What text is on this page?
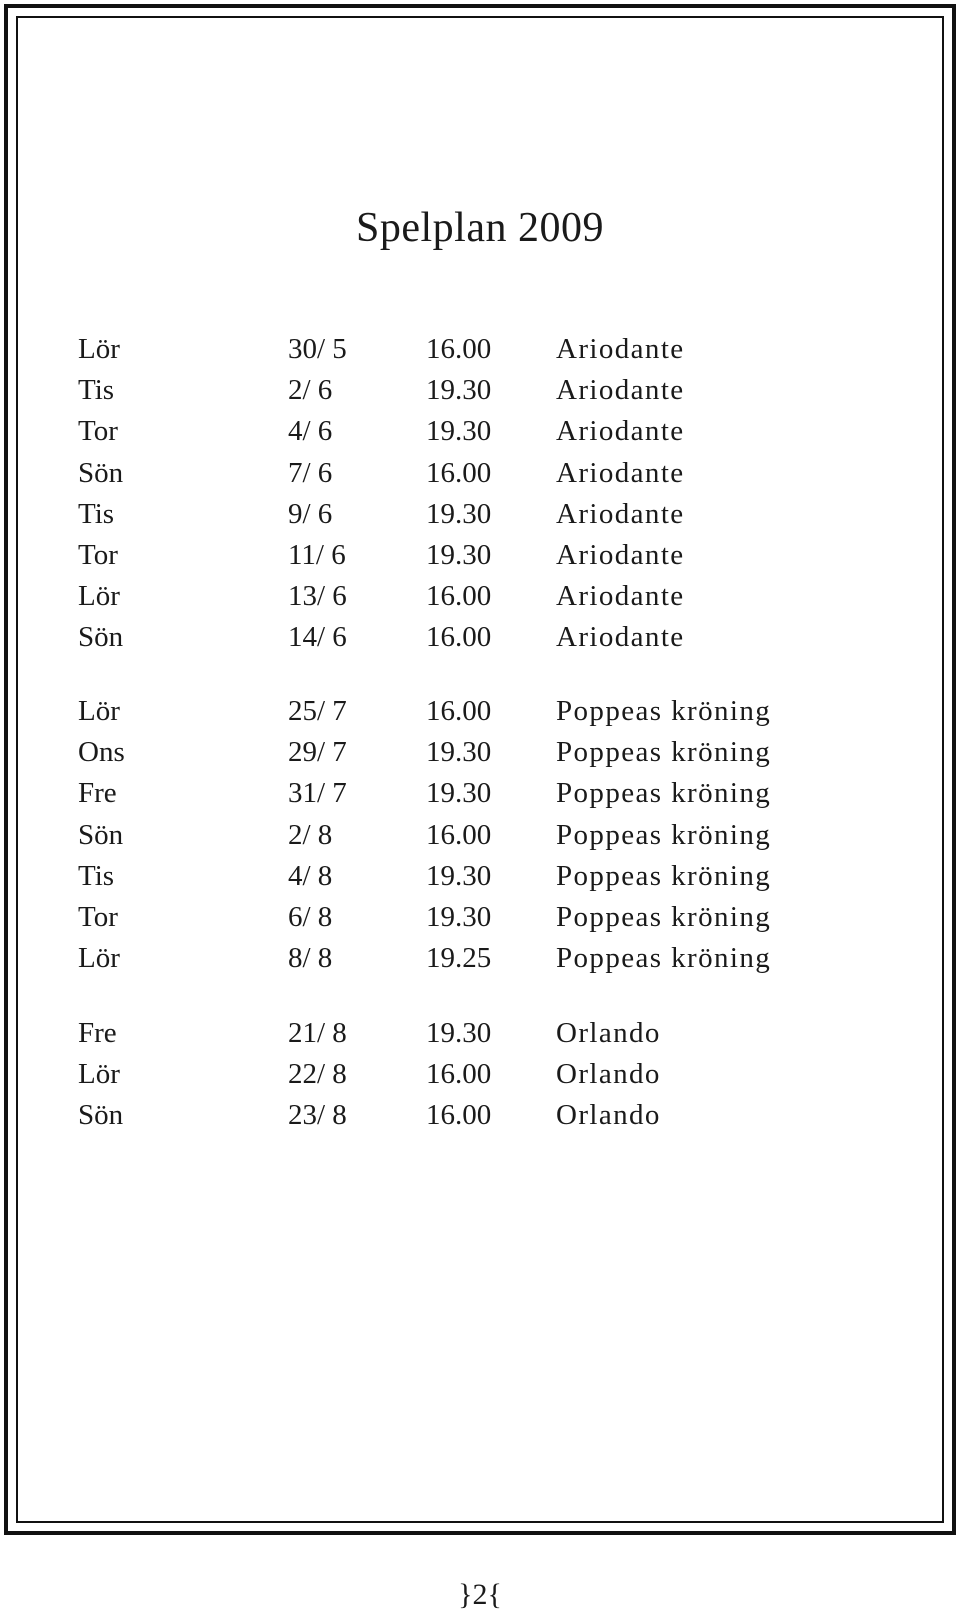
Spelplan 2009
Lör	30/ 5	16.00 Ariodante
Tis	2/ 6	19.30 Ariodante
Tor	4/ 6	19.30 Ariodante
Sön	7/ 6	16.00 Ariodante
Tis	9/ 6	19.30 Ariodante
Tor	11/ 6	19.30 Ariodante
Lör	13/ 6	16.00 Ariodante
Sön	14/ 6	16.00 Ariodante
Lör	25/ 7	16.00 Poppeas kröning
Ons	29/ 7	19.30 Poppeas kröning
Fre	31/ 7	19.30 Poppeas kröning
Sön	2/ 8	16.00 Poppeas kröning
Tis	4/ 8	19.30 Poppeas kröning
Tor	6/ 8	19.30 Poppeas kröning
Lör	8/ 8	19.25 Poppeas kröning
Fre	21/ 8	19.30 Orlando
Lör	22/ 8	16.00 Orlando
Sön	23/ 8	16.00 Orlando
}2{
